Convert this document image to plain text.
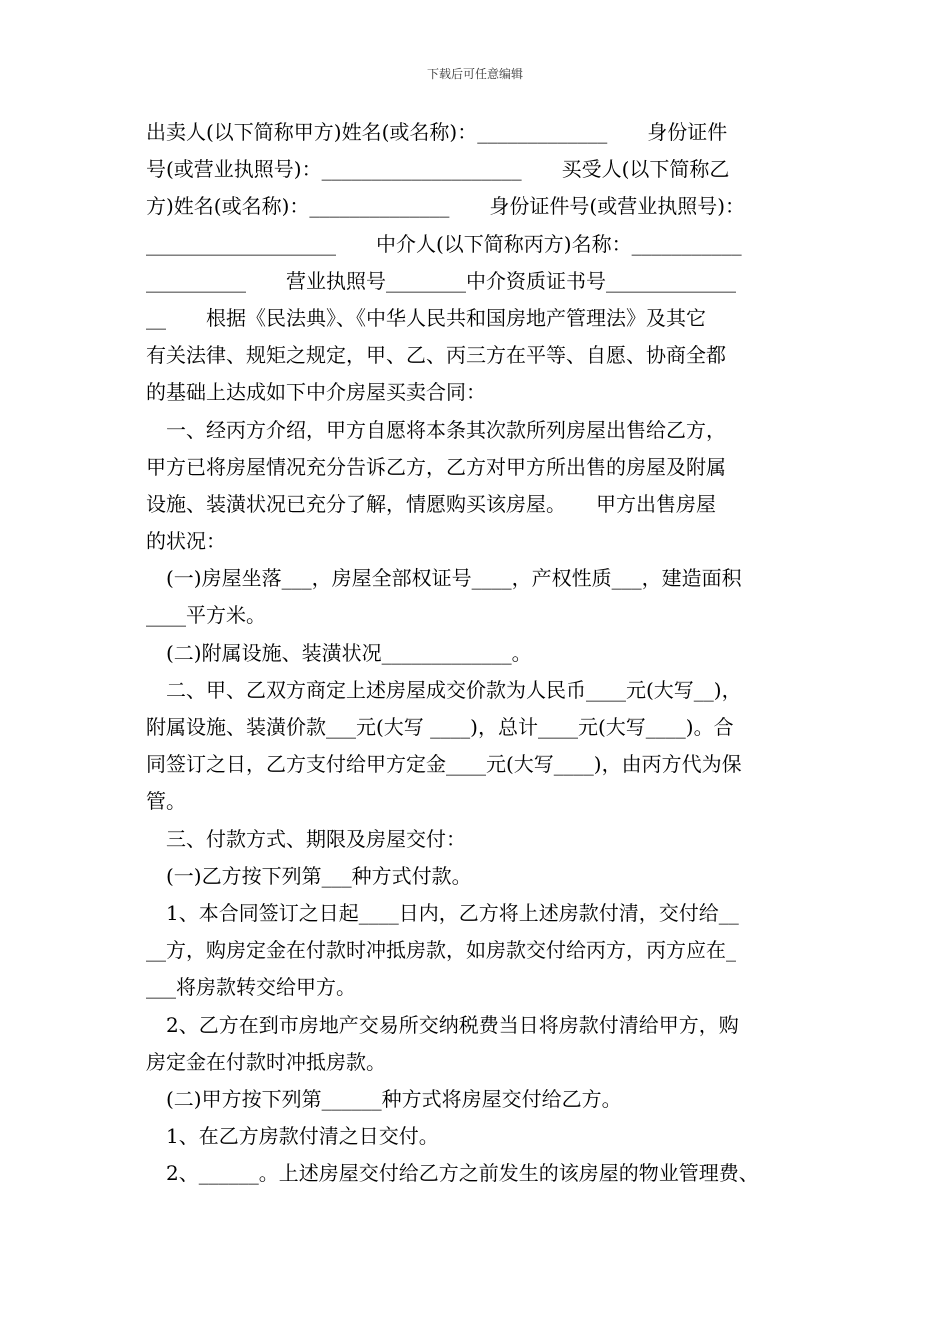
下载后可任意编辑
出卖人(以下简称甲方)姓名(或名称)：_____________　　身份证件
号(或营业执照号)：____________________　　买受人(以下简称乙
方)姓名(或名称)：______________　　身份证件号(或营业执照号)：
___________________　　中介人(以下简称丙方)名称：___________
__________　　营业执照号________中介资质证书号_____________
__　　根据《民法典》、《中华人民共和国房地产管理法》及其它
有关法律、规矩之规定，甲、乙、丙三方在平等、自愿、协商全都
的基础上达成如下中介房屋买卖合同：
　一、经丙方介绍，甲方自愿将本条其次款所列房屋出售给乙方，
甲方已将房屋情况充分告诉乙方，乙方对甲方所出售的房屋及附属
设施、装潢状况已充分了解，情愿购买该房屋。　　甲方出售房屋
的状况：
　(一)房屋坐落___，房屋全部权证号____，产权性质___，建造面积
____平方米。
　(二)附属设施、装潢状况_____________。
　二、甲、乙双方商定上述房屋成交价款为人民币____元(大写__)，
附属设施、装潢价款___元(大写 ____)，总计____元(大写____)。合
同签订之日，乙方支付给甲方定金____元(大写____)，由丙方代为保
管。
　三、付款方式、期限及房屋交付：
　(一)乙方按下列第___种方式付款。
　1、本合同签订之日起____日内，乙方将上述房款付清，交付给__
__方，购房定金在付款时冲抵房款，如房款交付给丙方，丙方应在_
___将房款转交给甲方。
　2、乙方在到市房地产交易所交纳税费当日将房款付清给甲方，购
房定金在付款时冲抵房款。
　(二)甲方按下列第______种方式将房屋交付给乙方。
　1、在乙方房款付清之日交付。
　2、______。上述房屋交付给乙方之前发生的该房屋的物业管理费、
